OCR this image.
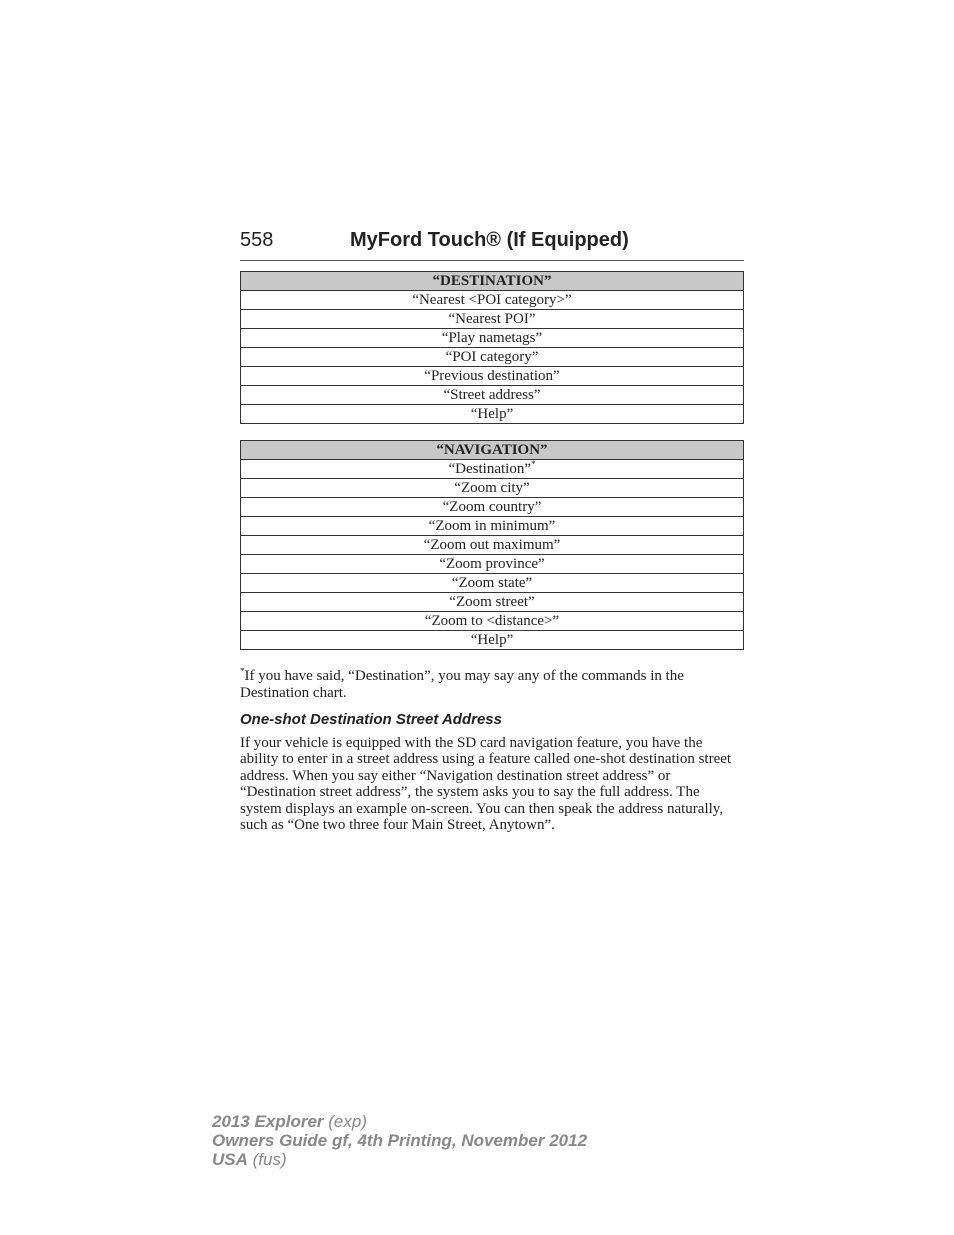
558	MyFord Touch® (If Equipped)
“DESTINATION”
“Nearest <POI category>”
“Nearest POI”
“Play nametags”
“POI category”
“Previous destination”
“Street address”
“Help”
“NAVIGATION”
“Destination”*
“Zoom city”
“Zoom country”
“Zoom in minimum”
“Zoom out maximum”
“Zoom province”
“Zoom state”
“Zoom street”
“Zoom to <distance>”
“Help”
*If you have said, “Destination”, you may say any of the commands in the Destination chart.
One-shot Destination Street Address
If your vehicle is equipped with the SD card navigation feature, you have the ability to enter in a street address using a feature called one-shot destination street address. When you say either “Navigation destination street address” or “Destination street address”, the system asks you to say the full address. The system displays an example on-screen. You can then speak the address naturally, such as “One two three four Main Street, Anytown”.
2013 Explorer (exp)
Owners Guide gf, 4th Printing, November 2012
USA (fus)
